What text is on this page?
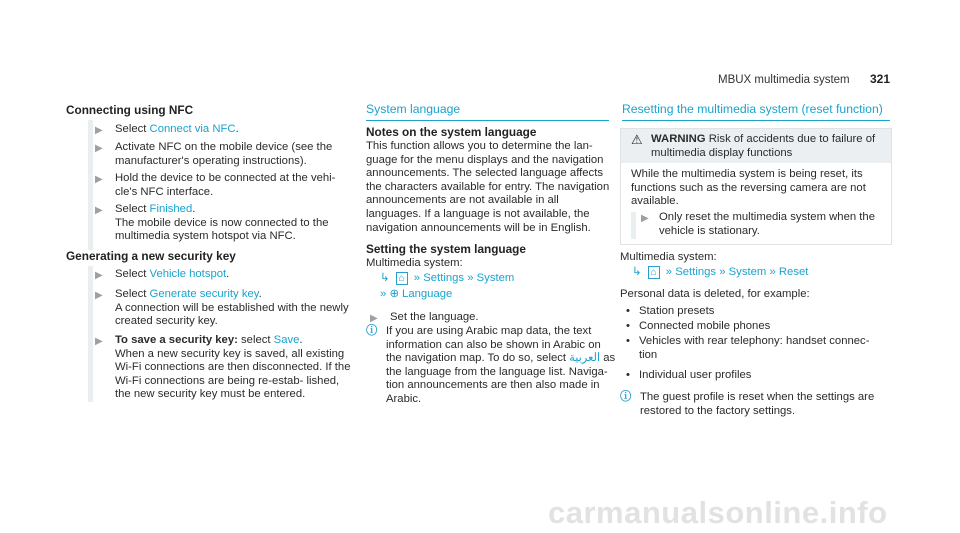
MBUX multimedia system 321
Connecting using NFC
▶ Select Connect via NFC.
▶ Activate NFC on the mobile device (see the manufacturer's operating instructions).
▶ Hold the device to be connected at the vehi- cle's NFC interface.
▶ Select Finished.
The mobile device is now connected to the multimedia system hotspot via NFC.
Generating a new security key
▶ Select Vehicle hotspot.
▶ Select Generate security key.
A connection will be established with the newly created security key.
▶ To save a security key: select Save.
When a new security key is saved, all existing Wi-Fi connections are then disconnected. If the Wi-Fi connections are being re-estab- lished, the new security key must be entered.
System language
Notes on the system language
This function allows you to determine the lan- guage for the menu displays and the navigation announcements. The selected language affects the characters available for entry. The navigation announcements are not available in all languages. If a language is not available, the navigation announcements will be in English.
Setting the system language
Multimedia system:
↳ ⌂ » Settings » System
» ⊕ Language
▶ Set the language.
ⓘ If you are using Arabic map data, the text information can also be shown in Arabic on the navigation map. To do so, select العربية as the language from the language list. Naviga- tion announcements are then also made in Arabic.
Resetting the multimedia system (reset function)
⚠ WARNING Risk of accidents due to failure of multimedia display functions
While the multimedia system is being reset, its functions such as the reversing camera are not available.
▶ Only reset the multimedia system when the vehicle is stationary.
Multimedia system:
↳ ⌂ » Settings » System » Reset
Personal data is deleted, for example:
• Station presets
• Connected mobile phones
• Vehicles with rear telephony: handset connec- tion
• Individual user profiles
ⓘ The guest profile is reset when the settings are restored to the factory settings.
carmanualsonline.info
